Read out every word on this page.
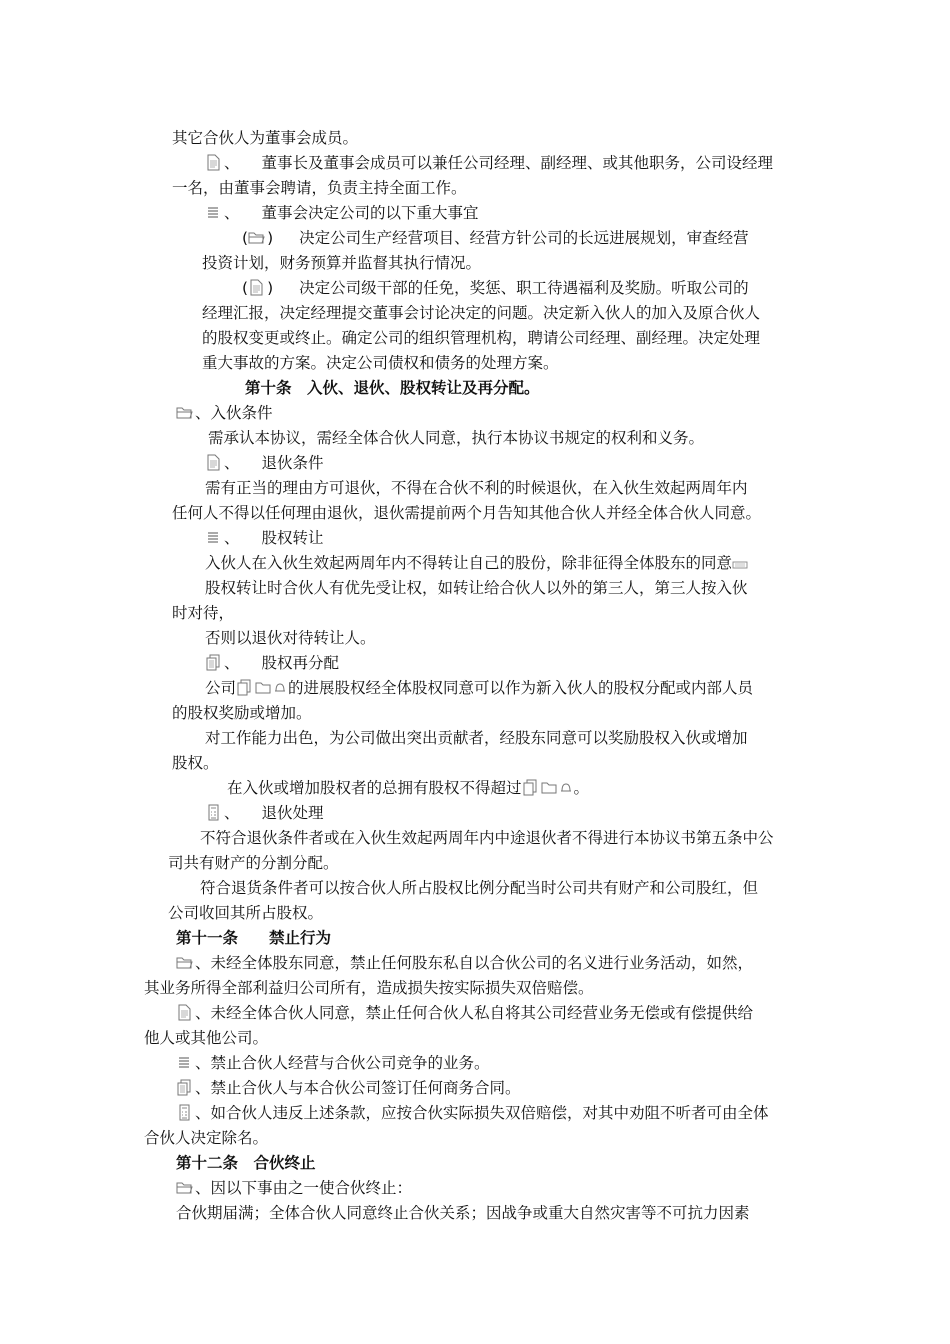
其它合伙人为董事会成员。
、 董事长及董事会成员可以兼任公司经理、副经理、或其他职务，公司设经理
一名，由董事会聘请，负责主持全面工作。
、 董事会决定公司的以下重大事宜
( ) 决定公司生产经营项目、经营方针公司的长远进展规划，审查经营
投资计划，财务预算并监督其执行情况。
( ) 决定公司级干部的任免，奖惩、职工待遇福利及奖励。听取公司的
经理汇报，决定经理提交董事会讨论决定的问题。决定新入伙人的加入及原合伙人
的股权变更或终止。确定公司的组织管理机构，聘请公司经理、副经理。决定处理
重大事故的方案。决定公司债权和债务的处理方案。
第十条　入伙、退伙、股权转让及再分配。
、入伙条件
需承认本协议，需经全体合伙人同意，执行本协议书规定的权利和义务。
、 退伙条件
需有正当的理由方可退伙，不得在合伙不利的时候退伙，在入伙生效起两周年内
任何人不得以任何理由退伙，退伙需提前两个月告知其他合伙人并经全体合伙人同意。
、 股权转让
入伙人在入伙生效起两周年内不得转让自己的股份，除非征得全体股东的同意
股权转让时合伙人有优先受让权，如转让给合伙人以外的第三人，第三人按入伙
时对待，
否则以退伙对待转让人。
、 股权再分配
公司	的进展股权经全体股权同意可以作为新入伙人的股权分配或内部人员
的股权奖励或增加。
对工作能力出色，为公司做出突出贡献者，经股东同意可以奖励股权入伙或增加
股权。
在入伙或增加股权者的总拥有股权不得超过	。
、 退伙处理
不符合退伙条件者或在入伙生效起两周年内中途退伙者不得进行本协议书第五条中公
司共有财产的分割分配。
符合退货条件者可以按合伙人所占股权比例分配当时公司共有财产和公司股红，但
公司收回其所占股权。
第十一条　　禁止行为
、未经全体股东同意，禁止任何股东私自以合伙公司的名义进行业务活动，如然，
其业务所得全部利益归公司所有，造成损失按实际损失双倍赔偿。
、未经全体合伙人同意，禁止任何合伙人私自将其公司经营业务无偿或有偿提供给
他人或其他公司。
、禁止合伙人经营与合伙公司竞争的业务。
、禁止合伙人与本合伙公司签订任何商务合同。
、如合伙人违反上述条款，应按合伙实际损失双倍赔偿，对其中劝阻不听者可由全体
合伙人决定除名。
第十二条　合伙终止
、因以下事由之一使合伙终止：
合伙期届满；全体合伙人同意终止合伙关系；因战争或重大自然灾害等不可抗力因素
